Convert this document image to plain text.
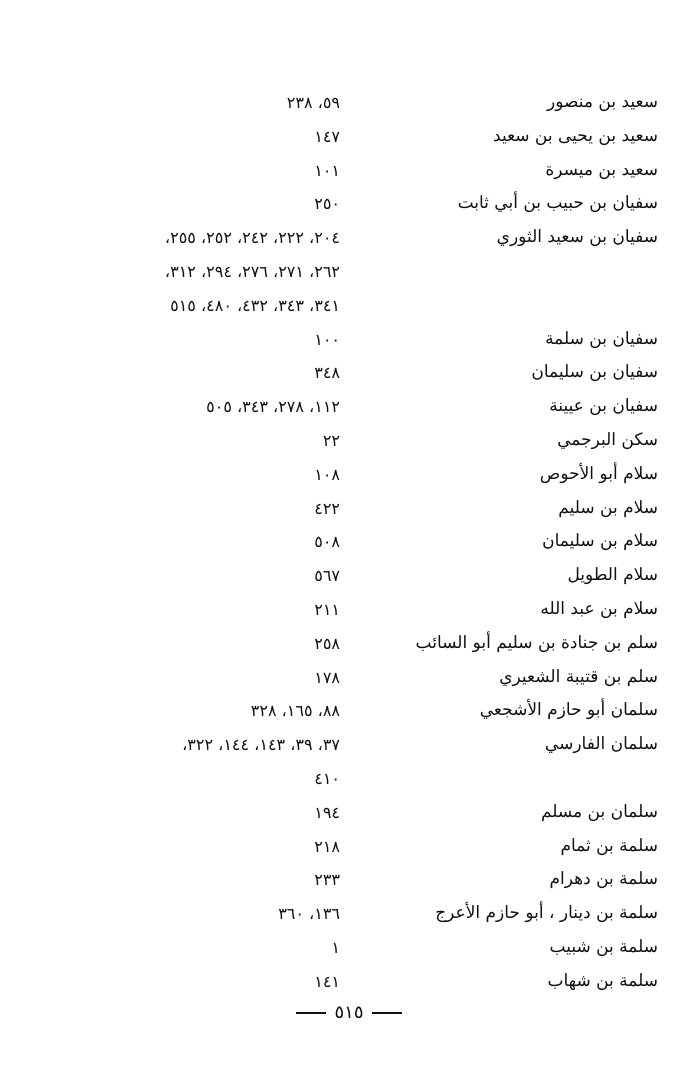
سعيد بن منصور
٥٩، ٢٣٨
سعيد بن يحيى بن سعيد
١٤٧
سعيد بن ميسرة
١٠١
سفيان بن حبيب بن أبي ثابت
٢٥٠
سفيان بن سعيد الثوري
٢٠٤، ٢٢٢، ٢٤٢، ٢٥٢، ٢٥٥،
٢٦٢، ٢٧١، ٢٧٦، ٢٩٤، ٣١٢،
٣٤١، ٣٤٣، ٤٣٢، ٤٨٠، ٥١٥
سفيان بن سلمة
١٠٠
سفيان بن سليمان
٣٤٨
سفيان بن عيينة
١١٢، ٢٧٨، ٣٤٣، ٥٠٥
سكن البرجمي
٢٢
سلام أبو الأحوص
١٠٨
سلام بن سليم
٤٢٢
سلام بن سليمان
٥٠٨
سلام الطويل
٥٦٧
سلام بن عبد الله
٢١١
سلم بن جنادة بن سليم أبو السائب
٢٥٨
سلم بن قتيبة الشعيري
١٧٨
سلمان أبو حازم الأشجعي
٨٨، ١٦٥، ٣٢٨
سلمان الفارسي
٣٧، ٣٩، ١٤٣، ١٤٤، ٣٢٢،
٤١٠
سلمان بن مسلم
١٩٤
سلمة بن ثمام
٢١٨
سلمة بن دهرام
٢٣٣
سلمة بن دينار ، أبو حازم الأعرج
١٣٦، ٣٦٠
سلمة بن شبيب
١
سلمة بن شهاب
١٤١
٥١٥
